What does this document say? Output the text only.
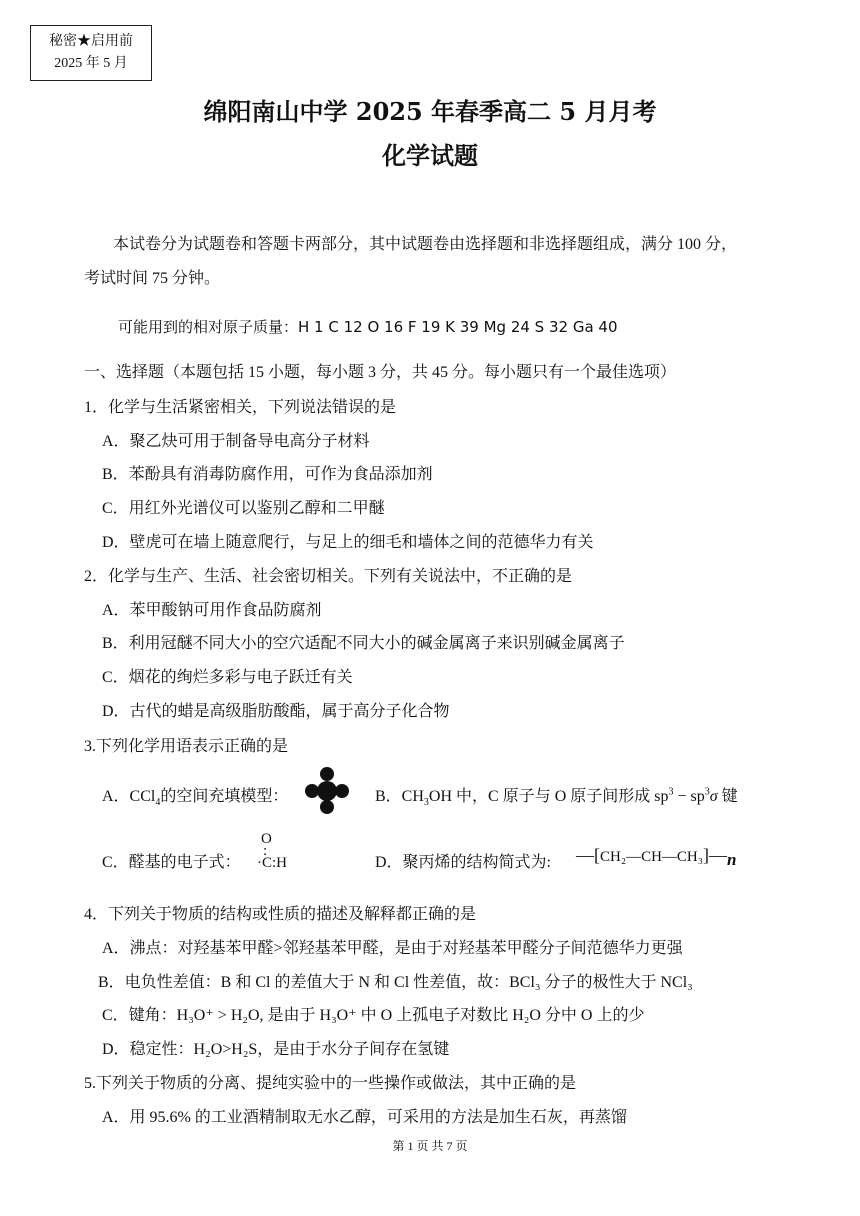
秘密★启用前
2025 年 5 月
绵阳南山中学 2025 年春季高二 5 月月考
化学试题
本试卷分为试题卷和答题卡两部分，其中试题卷由选择题和非选择题组成，满分 100 分，
考试时间 75 分钟。
可能用到的相对原子质量：H 1 C 12 O 16 F 19 K 39 Mg 24 S 32 Ga 40
一、选择题（本题包括 15 小题，每小题 3 分，共 45 分。每小题只有一个最佳选项）
1．化学与生活紧密相关，下列说法错误的是
A．聚乙炔可用于制备导电高分子材料
B．苯酚具有消毒防腐作用，可作为食品添加剂
C．用红外光谱仪可以鉴别乙醇和二甲醚
D．壁虎可在墙上随意爬行，与足上的细毛和墙体之间的范德华力有关
2．化学与生产、生活、社会密切相关。下列有关说法中，不正确的是
A．苯甲酸钠可用作食品防腐剂
B．利用冠醚不同大小的空穴适配不同大小的碱金属离子来识别碱金属离子
C．烟花的绚烂多彩与电子跃迁有关
D．古代的蜡是高级脂肪酸酯，属于高分子化合物
3.下列化学用语表示正确的是
A．CCl$_4$的空间充填模型：	B．$CH_3OH$ 中，C 原子与 O 原子间形成 $sp^3 - sp^3\sigma$ 键
C．醛基的电子式：
O
:
·C:H	D．聚丙烯的结构简式为: $—[CH_2—CH—CH_3]—_n$
4．下列关于物质的结构或性质的描述及解释都正确的是
A．沸点：对羟基苯甲醛>邻羟基苯甲醛，是由于对羟基苯甲醛分子间范德华力更强
B．电负性差值：B 和 Cl 的差值大于 N 和 Cl 性差值，故：BCl₃ 分子的极性大于 NCl₃
C．键角：H₃O⁺ > H₂O, 是由于 H₃O⁺ 中 O 上孤电子对数比 H₂O 分中 O 上的少
D．稳定性：H₂O>H₂S，是由于水分子间存在氢键
5.下列关于物质的分离、提纯实验中的一些操作或做法，其中正确的是
A．用 95.6% 的工业酒精制取无水乙醇，可采用的方法是加生石灰，再蒸馏
第 1 页 共 7 页
